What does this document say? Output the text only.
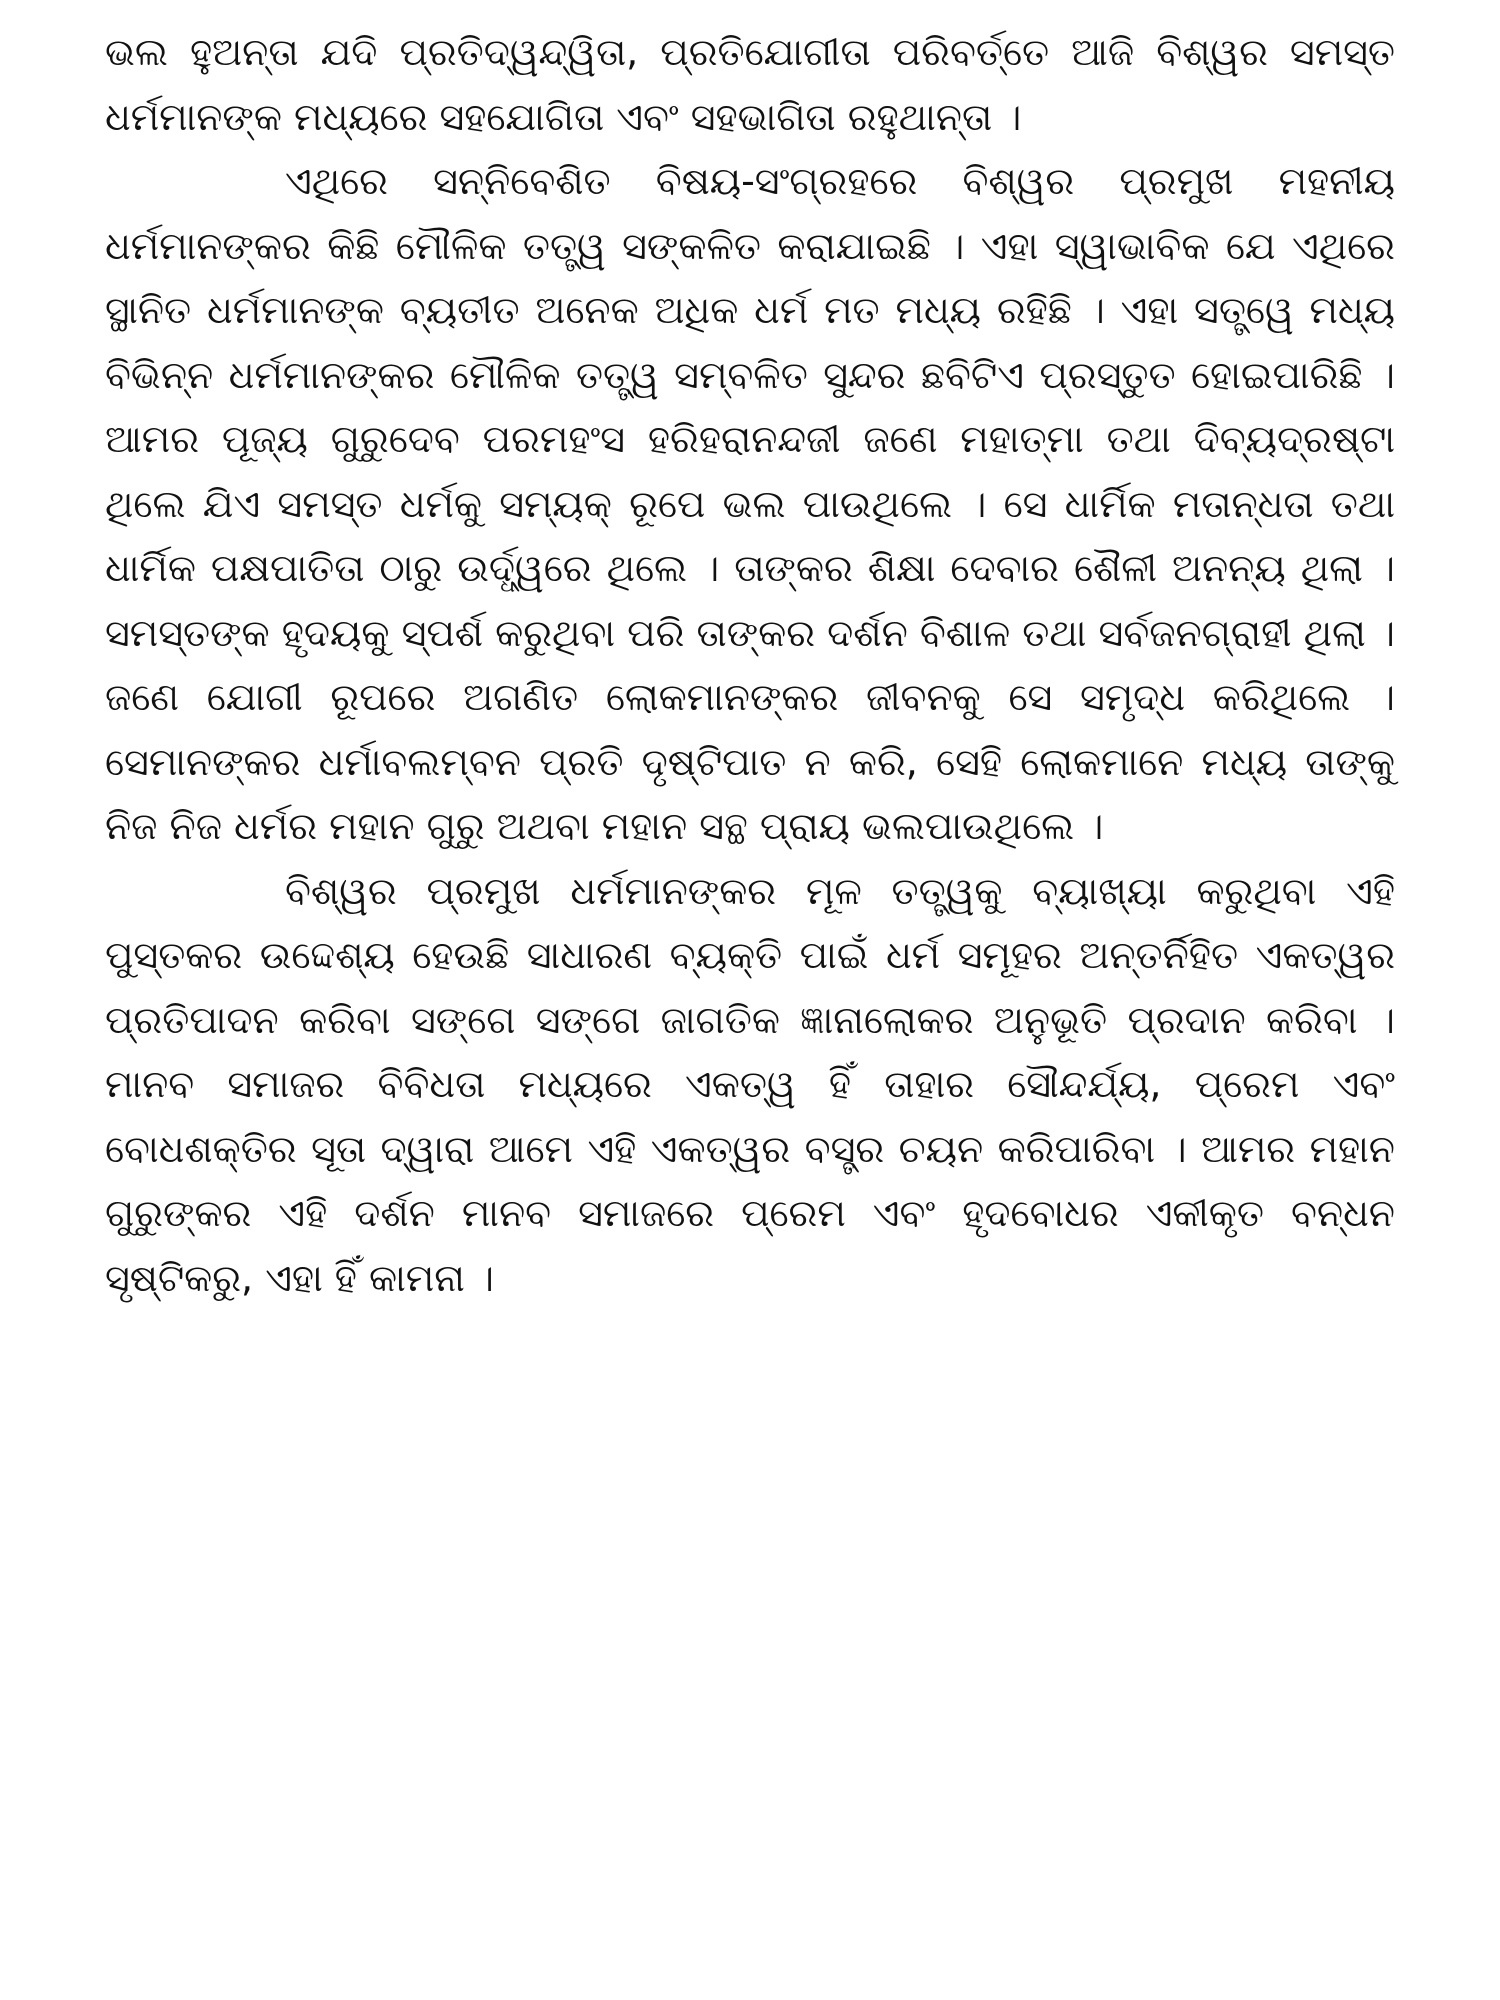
ଭଲ ହୁଅନ୍ତା ଯଦି ପ୍ରତିଦ୍ୱନ୍ଦ୍ୱିତା, ପ୍ରତିଯୋଗୀତା ପରିବର୍ତ୍ତେ ଆଜି ବିଶ୍ୱର ସମସ୍ତ ଧର୍ମମାନଙ୍କ ମଧ୍ୟରେ ସହଯୋଗିତା ଏବଂ ସହଭାଗିତା ରହୁଥାନ୍ତା ।

ଏଥିରେ ସନ୍ନିବେଶିତ ବିଷୟ-ସଂଗ୍ରହରେ ବିଶ୍ୱର ପ୍ରମୁଖ ମହନୀୟ ଧର୍ମମାନଙ୍କର କିଛି ମୌଳିକ ତତ୍ତ୍ୱ ସଙ୍କଳିତ କରାଯାଇଛି । ଏହା ସ୍ୱାଭାବିକ ଯେ ଏଥିରେ ସ୍ଥାନିତ ଧର୍ମମାନଙ୍କ ବ୍ୟତୀତ ଅନେକ ଅଧିକ ଧର୍ମ ମତ ମଧ୍ୟ ରହିଛି । ଏହା ସତ୍ତ୍ୱେ ମଧ୍ୟ ବିଭିନ୍ନ ଧର୍ମମାନଙ୍କର ମୌଳିକ ତତ୍ତ୍ୱ ସମ୍ବଳିତ ସୁନ୍ଦର ଛବିଟିଏ ପ୍ରସ୍ତୁତ ହୋଇପାରିଛି । ଆମର ପୂଜ୍ୟ ଗୁରୁଦେବ ପରମହଂସ ହରିହରାନନ୍ଦଜୀ ଜଣେ ମହାତ୍ମା ତଥା ଦିବ୍ୟଦ୍ରଷ୍ଟା ଥିଲେ ଯିଏ ସମସ୍ତ ଧର୍ମକୁ ସମ୍ୟକ୍ ରୂପେ ଭଲ ପାଉଥିଲେ । ସେ ଧାର୍ମିକ ମତାନ୍ଧତା ତଥା ଧାର୍ମିକ ପକ୍ଷପାତିତା ଠାରୁ ଉର୍ଦ୍ଧ୍ୱରେ ଥିଲେ । ତାଙ୍କର ଶିକ୍ଷା ଦେବାର ଶୈଳୀ ଅନନ୍ୟ ଥିଲା । ସମସ୍ତଙ୍କ ହୃଦୟକୁ ସ୍ପର୍ଶ କରୁଥିବା ପରି ତାଙ୍କର ଦର୍ଶନ ବିଶାଳ ତଥା ସର୍ବଜନଗ୍ରାହୀ ଥିଲା । ଜଣେ ଯୋଗୀ ରୂପରେ ଅଗଣିତ ଲୋକମାନଙ୍କର ଜୀବନକୁ ସେ ସମୃଦ୍ଧ କରିଥିଲେ । ସେମାନଙ୍କର ଧର୍ମାବଲମ୍ବନ ପ୍ରତି ଦୃଷ୍ଟିପାତ ନ କରି, ସେହି ଲୋକମାନେ ମଧ୍ୟ ତାଙ୍କୁ ନିଜ ନିଜ ଧର୍ମର ମହାନ ଗୁରୁ ଅଥବା ମହାନ ସନ୍ଥ ପ୍ରାୟ ଭଲପାଉଥିଲେ ।

ବିଶ୍ୱର ପ୍ରମୁଖ ଧର୍ମମାନଙ୍କର ମୂଳ ତତ୍ତ୍ୱକୁ ବ୍ୟାଖ୍ୟା କରୁଥିବା ଏହି ପୁସ୍ତକର ଉଦ୍ଦେଶ୍ୟ ହେଉଛି ସାଧାରଣ ବ୍ୟକ୍ତି ପାଇଁ ଧର୍ମ ସମୂହର ଅନ୍ତର୍ନିହିତ ଏକତ୍ୱର ପ୍ରତିପାଦନ କରିବା ସଙ୍ଗେ ସଙ୍ଗେ ଜାଗତିକ ଜ୍ଞାନାଲୋକର ଅନୁଭୂତି ପ୍ରଦାନ କରିବା । ମାନବ ସମାଜର ବିବିଧତା ମଧ୍ୟରେ ଏକତ୍ୱ ହିଁ ତାହାର ସୌନ୍ଦର୍ଯ୍ୟ, ପ୍ରେମ ଏବଂ ବୋଧଶକ୍ତିର ସୂତା ଦ୍ୱାରା ଆମେ ଏହି ଏକତ୍ୱର ବସ୍ତ୍ର ଚୟନ କରିପାରିବା । ଆମର ମହାନ ଗୁରୁଙ୍କର ଏହି ଦର୍ଶନ ମାନବ ସମାଜରେ ପ୍ରେମ ଏବଂ ହୃଦବୋଧର ଏକୀକୃତ ବନ୍ଧନ ସୃଷ୍ଟିକରୁ, ଏହା ହିଁ କାମନା ।
